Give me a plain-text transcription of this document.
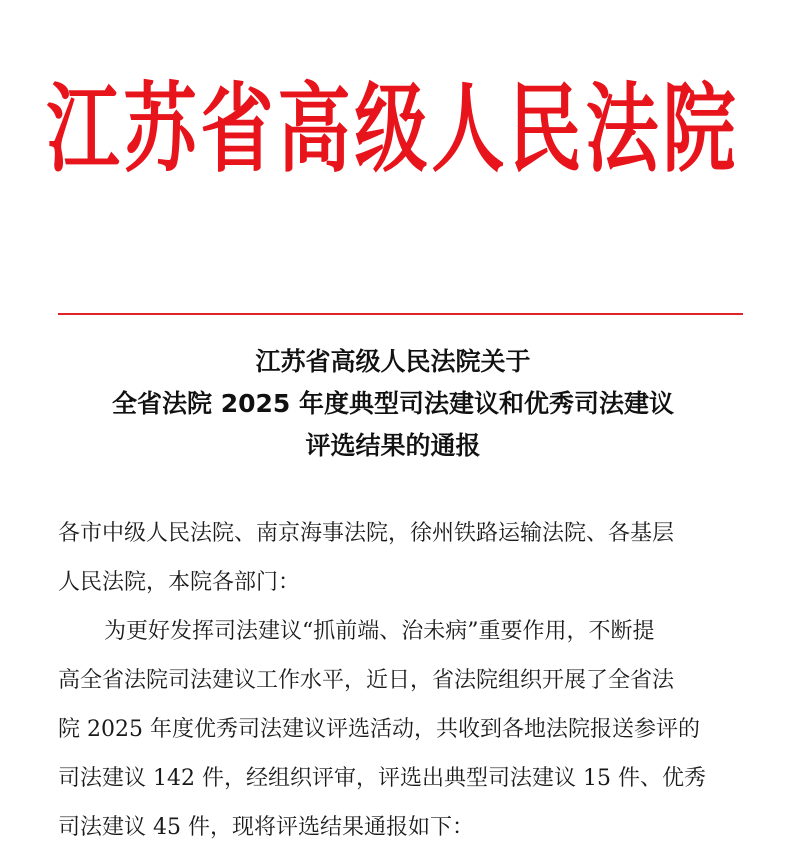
江苏省高级人民法院
江苏省高级人民法院关于
全省法院 2025 年度典型司法建议和优秀司法建议
评选结果的通报
各市中级人民法院、南京海事法院，徐州铁路运输法院、各基层
人民法院，本院各部门：
为更好发挥司法建议“抓前端、治未病”重要作用，不断提
高全省法院司法建议工作水平，近日，省法院组织开展了全省法
院 2025 年度优秀司法建议评选活动，共收到各地法院报送参评的
司法建议 142 件，经组织评审，评选出典型司法建议 15 件、优秀
司法建议 45 件，现将评选结果通报如下：
